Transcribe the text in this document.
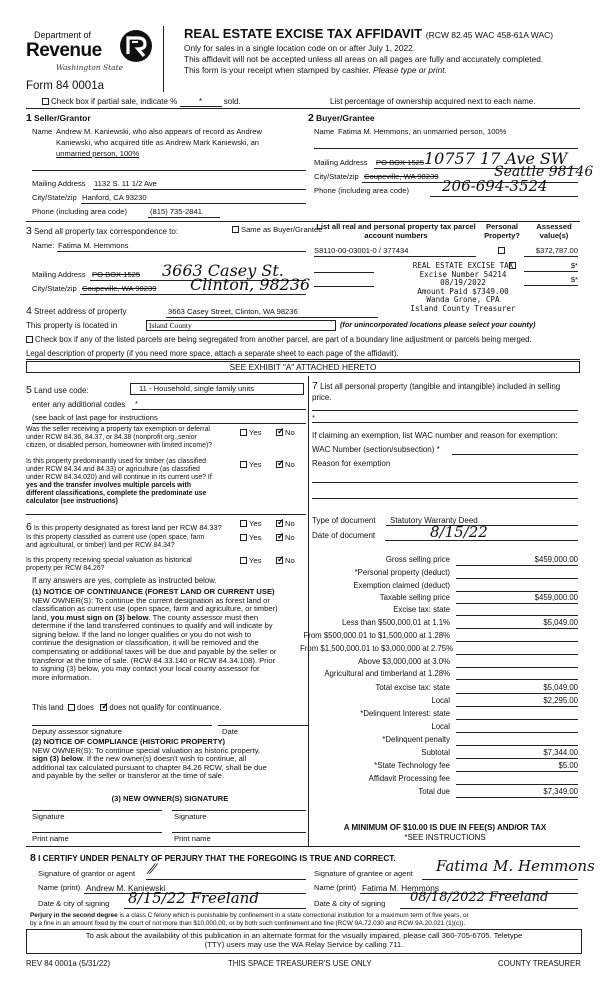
Department of
Revenue
Washington State
Form 84 0001a
REAL ESTATE EXCISE TAX AFFIDAVIT (RCW 82.45 WAC 458-61A WAC)
Only for sales in a single location code on or after July 1, 2022.
This affidavit will not be accepted unless all areas on all pages are fully and accurately completed.
This form is your receipt when stamped by cashier. Please type or print.
Check box if partial sale, indicate %	*	sold.	List percentage of ownership acquired next to each name.
1 Seller/Grantor
Name Andrew M. Kaniewski, who also appears of record as Andrew
Kaniewski, who acquired title as Andrew Mark Kaniewski, an
unmarried person, 100%
Mailing Address 1132 S. 11 1/2 Ave
City/State/zip Hanford, CA 93230
Phone (including area code)	(815) 735-2841
2 Buyer/Grantee
Name Fatima M. Hemmons, an unmarried person, 100%
Mailing Address PO BOX 1525 10757 17 Ave SW
City/State/zip Coupeville, WA 98239	Seattle 98146
Phone (including area code) 206-694-3524
3 Send all property tax correspondence to:	Same as Buyer/Grantee
Name: Fatima M. Hemmons
Mailing Address PO BOX 1525 3663 Casey St.
City/State/zip Coupeville, WA 98239 Clinton, 98236
List all real and personal property tax parcel account numbers
Personal Property?
Assessed value(s)
S8110-00-03001-0 / 377434
	$372,787.00
$*
$*
REAL ESTATE EXCISE TAX
Excise Number 54214
08/19/2022
Amount Paid $7349.00
Wanda Grone, CPA
Island County Treasurer
4 Street address of property	3663 Casey Street, Clinton, WA 98236
This property is located in	Island County	' (for unincorporated locations please select your county)
Check box if any of the listed parcels are being segregated from another parcel, are part of a boundary line adjustment or parcels being merged.
Legal description of property (if you need more space, attach a separate sheet to each page of the affidavit).
SEE EXHIBIT "A" ATTACHED HERETO
5 Land use code:	11 - Household, single family units
enter any additional codes *
(see back of last page for instructions
Was the seller receiving a property tax exemption or deferral
under RCW 84.36, 84.37, or 84.38 (nonprofit org.,senior
citizen, or disabled person, homeowner with limited income)?
Yes ✓	No
Is this property predominantly used for timber (as classified
under RCW 84.34 and 84.33) or agriculture (as classified
under RCW 84.34.020) and will continue in its current use? If
yes and the transfer involves multiple parcels with
different classifications, complete the predominate use
calculator (see instructions)
Yes ✓	No
6 Is this property designated as forest land per RCW 84.33?	Yes ✓	No
Is this property classified as current use (open space, farm
and agricultural, or timber) land per RCW 84.34?
Yes ✓	No
Is this property receiving special valuation as historical
property per RCW 84.26?
Yes ✓	No
If any answers are yes, complete as instructed below.
(1) NOTICE OF CONTINUANCE (FOREST LAND OR CURRENT USE)
NEW OWNER(S): To continue the current designation as forest land or
classification as current use (open space, farm and agriculture, or timber)
land, you must sign on (3) below. The county assessor must then
determine if the land transferred continues to qualify and will indicate by
signing below. If the land no longer qualifies or you do not wish to
continue the designation or classification, it will be removed and the
compensating or additional taxes will be due and payable by the seller or
transferor at the time of sale. (RCW 84.33.140 or RCW 84.34.108). Prior
to signing (3) below, you may contact your local county assessor for
more information.
This land does ✓ does not qualify for continuance.
Deputy assessor signature	Date
(2) NOTICE OF COMPLIANCE (HISTORIC PROPERTY)
NEW OWNER(S): To continue special valuation as historic property,
sign (3) below. If the new owner(s) doesn't wish to continue, all
additional tax calculated pursuant to chapter 84.26 RCW, shall be due
and payable by the seller or transferor at the time of sale.
(3) NEW OWNER(S) SIGNATURE
Signature	Signature
Print name	Print name
7 List all personal property (tangible and intangible) included in selling
price.
*
If claiming an exemption, list WAC number and reason for exemption:
WAC Number (section/subsection) *
Reason for exemption
Type of document Statutory Warranty Deed
Date of document	8/15/22
Gross selling price	$459,000.00
*Personal property (deduct)
Exemption claimed (deduct)
Taxable selling price	$459,000.00
Excise tax: state
Less than $500,000.01 at 1.1%	$5,049.00
From $500,000.01 to $1,500,000 at 1.28%
From $1,500,000.01 to $3,000,000 at 2.75%
Above $3,000,000 at 3.0%
Agricultural and timberland at 1.28%
Total excise tax: state	$5,049.00
Local	$2,295.00
*Delinquent Interest: state
Local
*Delinquent penalty
Subtotal	$7,344.00
*State Technology fee	$5.00
Affidavit Processing fee
Total due	$7,349.00
A MINIMUM OF $10.00 IS DUE IN FEE(S) AND/OR TAX
*SEE INSTRUCTIONS
8 I CERTIFY UNDER PENALTY OF PERJURY THAT THE FOREGOING IS TRUE AND CORRECT.
Signature of grantor or agent ⁄⁄
Name (print) Andrew M. Kaniewski
Date & city of signing 8/15/22 Freeland
Signature of grantee or agent Fatima M. Hemmons
Name (print) Fatima M. Hemmons
Date & city of signing 08/18/2022 Freeland
Perjury in the second degree is a class C felony which is punishable by confinement in a state correctional institution for a maximum term of five years, or
by a fine in an amount fixed by the court of not more than $10,000.00, or by both such confinement and fine (RCW 9A.72.030 and RCW 9A.20.021 (1)(c)).
To ask about the availability of this publication in an alternate format for the visually impaired, please call 360-705-6705. Teletype
(TTY) users may use the WA Relay Service by calling 711.
REV 84 0001a (5/31/22)	THIS SPACE TREASURER'S USE ONLY	COUNTY TREASURER
